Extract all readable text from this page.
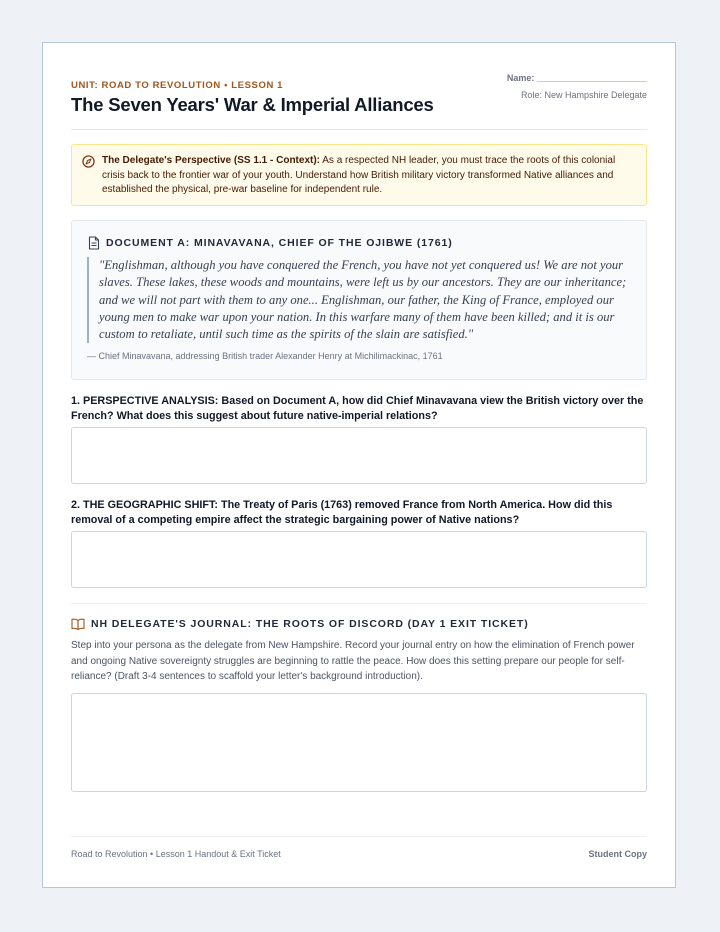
UNIT: ROAD TO REVOLUTION • LESSON 1
The Seven Years' War & Imperial Alliances
Name: ______________________
Role: New Hampshire Delegate
The Delegate's Perspective (SS 1.1 - Context): As a respected NH leader, you must trace the roots of this colonial crisis back to the frontier war of your youth. Understand how British military victory transformed Native alliances and established the physical, pre-war baseline for independent rule.
DOCUMENT A: MINAVAVANA, CHIEF OF THE OJIBWE (1761)
"Englishman, although you have conquered the French, you have not yet conquered us! We are not your slaves. These lakes, these woods and mountains, were left us by our ancestors. They are our inheritance; and we will not part with them to any one... Englishman, our father, the King of France, employed our young men to make war upon your nation. In this warfare many of them have been killed; and it is our custom to retaliate, until such time as the spirits of the slain are satisfied."
— Chief Minavavana, addressing British trader Alexander Henry at Michilimackinac, 1761
1. PERSPECTIVE ANALYSIS: Based on Document A, how did Chief Minavavana view the British victory over the French? What does this suggest about future native-imperial relations?
2. THE GEOGRAPHIC SHIFT: The Treaty of Paris (1763) removed France from North America. How did this removal of a competing empire affect the strategic bargaining power of Native nations?
NH DELEGATE'S JOURNAL: THE ROOTS OF DISCORD (DAY 1 EXIT TICKET)
Step into your persona as the delegate from New Hampshire. Record your journal entry on how the elimination of French power and ongoing Native sovereignty struggles are beginning to rattle the peace. How does this setting prepare our people for self-reliance? (Draft 3-4 sentences to scaffold your letter's background introduction).
Road to Revolution • Lesson 1 Handout & Exit Ticket	Student Copy
